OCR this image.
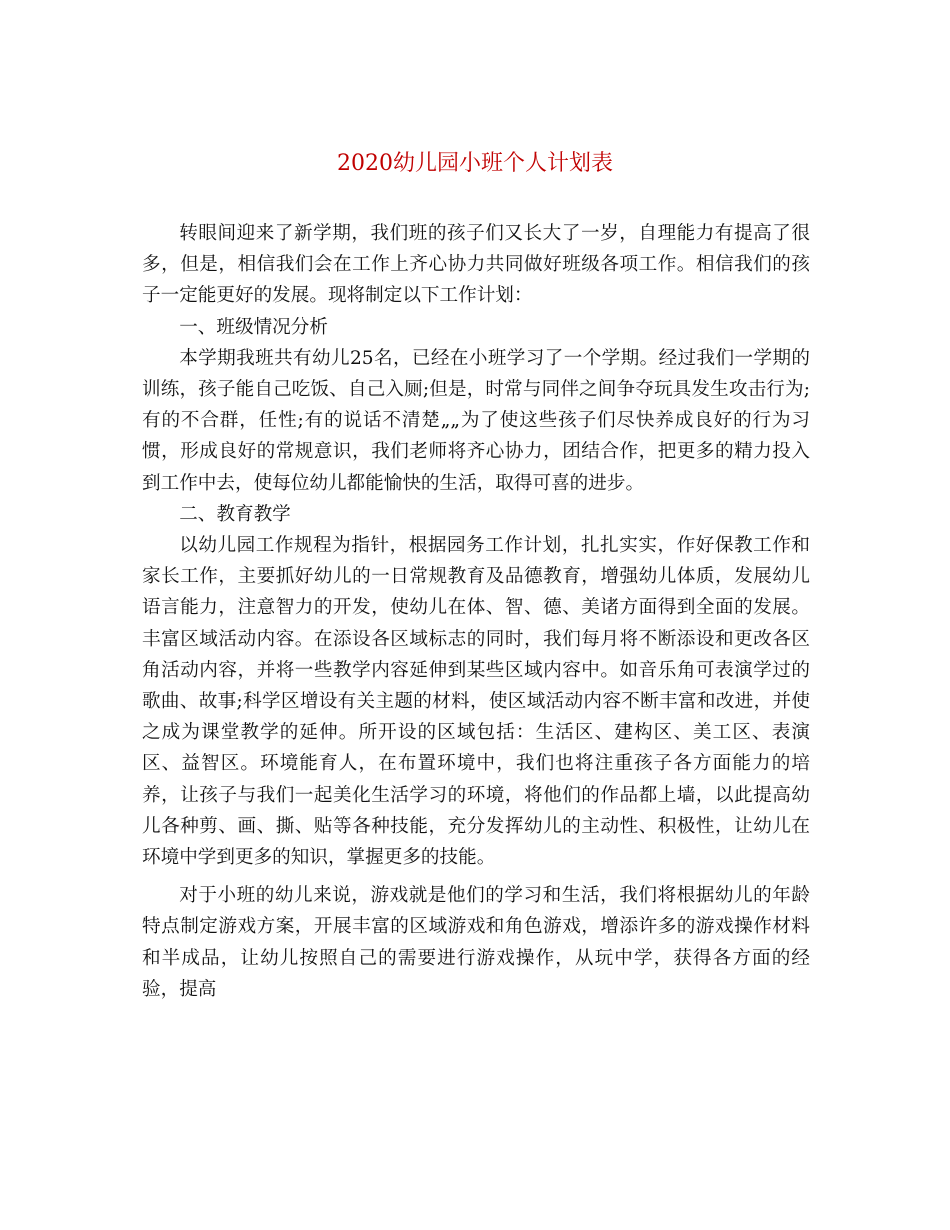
2020幼儿园小班个人计划表

转眼间迎来了新学期，我们班的孩子们又长大了一岁，自理能力有提高了很多，但是，相信我们会在工作上齐心协力共同做好班级各项工作。相信我们的孩子一定能更好的发展。现将制定以下工作计划：

一、班级情况分析

本学期我班共有幼儿25名，已经在小班学习了一个学期。经过我们一学期的训练，孩子能自己吃饭、自己入厕;但是，时常与同伴之间争夺玩具发生攻击行为;有的不合群，任性;有的说话不清楚„„为了使这些孩子们尽快养成良好的行为习惯，形成良好的常规意识，我们老师将齐心协力，团结合作，把更多的精力投入到工作中去，使每位幼儿都能愉快的生活，取得可喜的进步。

二、教育教学

以幼儿园工作规程为指针，根据园务工作计划，扎扎实实，作好保教工作和家长工作，主要抓好幼儿的一日常规教育及品德教育，增强幼儿体质，发展幼儿语言能力，注意智力的开发，使幼儿在体、智、德、美诸方面得到全面的发展。丰富区域活动内容。在添设各区域标志的同时，我们每月将不断添设和更改各区角活动内容，并将一些教学内容延伸到某些区域内容中。如音乐角可表演学过的歌曲、故事;科学区增设有关主题的材料，使区域活动内容不断丰富和改进，并使之成为课堂教学的延伸。所开设的区域包括：生活区、建构区、美工区、表演区、益智区。环境能育人，在布置环境中，我们也将注重孩子各方面能力的培养，让孩子与我们一起美化生活学习的环境，将他们的作品都上墙，以此提高幼儿各种剪、画、撕、贴等各种技能，充分发挥幼儿的主动性、积极性，让幼儿在环境中学到更多的知识，掌握更多的技能。

对于小班的幼儿来说，游戏就是他们的学习和生活，我们将根据幼儿的年龄特点制定游戏方案，开展丰富的区域游戏和角色游戏，增添许多的游戏操作材料和半成品，让幼儿按照自己的需要进行游戏操作，从玩中学，获得各方面的经验，提高
